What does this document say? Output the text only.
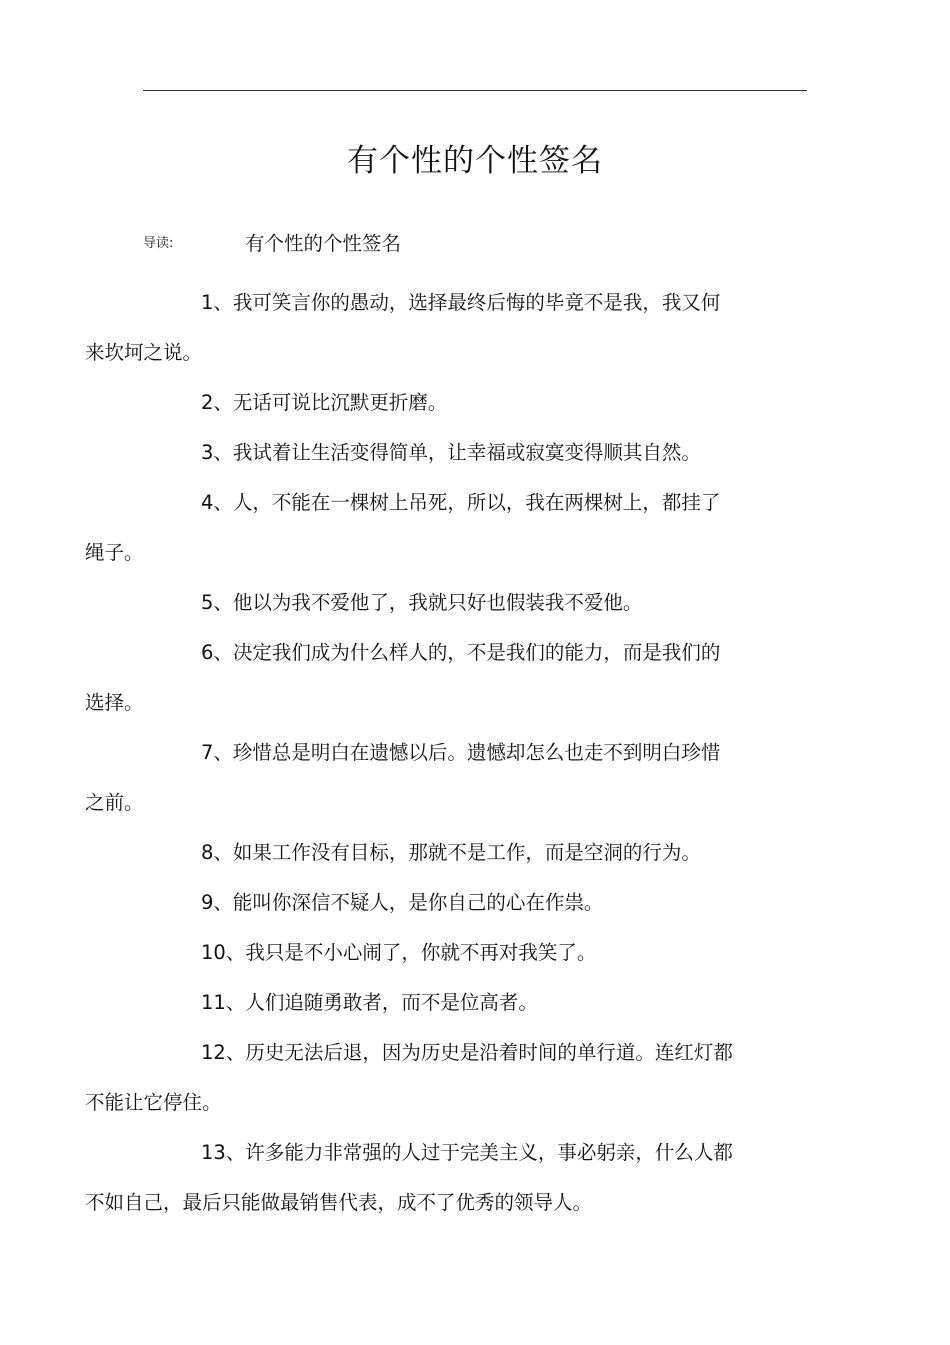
有个性的个性签名
导读:	有个性的个性签名

1、我可笑言你的愚动，选择最终后悔的毕竟不是我，我又何
来坎坷之说。

2、无话可说比沉默更折磨。

3、我试着让生活变得简单，让幸福或寂寞变得顺其自然。

4、人，不能在一棵树上吊死，所以，我在两棵树上，都挂了
绳子。

5、他以为我不爱他了，我就只好也假装我不爱他。

6、决定我们成为什么样人的，不是我们的能力，而是我们的
选择。

7、珍惜总是明白在遗憾以后。遗憾却怎么也走不到明白珍惜
之前。

8、如果工作没有目标，那就不是工作，而是空洞的行为。

9、能叫你深信不疑人，是你自己的心在作祟。

10、我只是不小心闹了，你就不再对我笑了。

11、人们追随勇敢者，而不是位高者。

12、历史无法后退，因为历史是沿着时间的单行道。连红灯都
不能让它停住。

13、许多能力非常强的人过于完美主义，事必躬亲，什么人都
不如自己，最后只能做最销售代表，成不了优秀的领导人。
